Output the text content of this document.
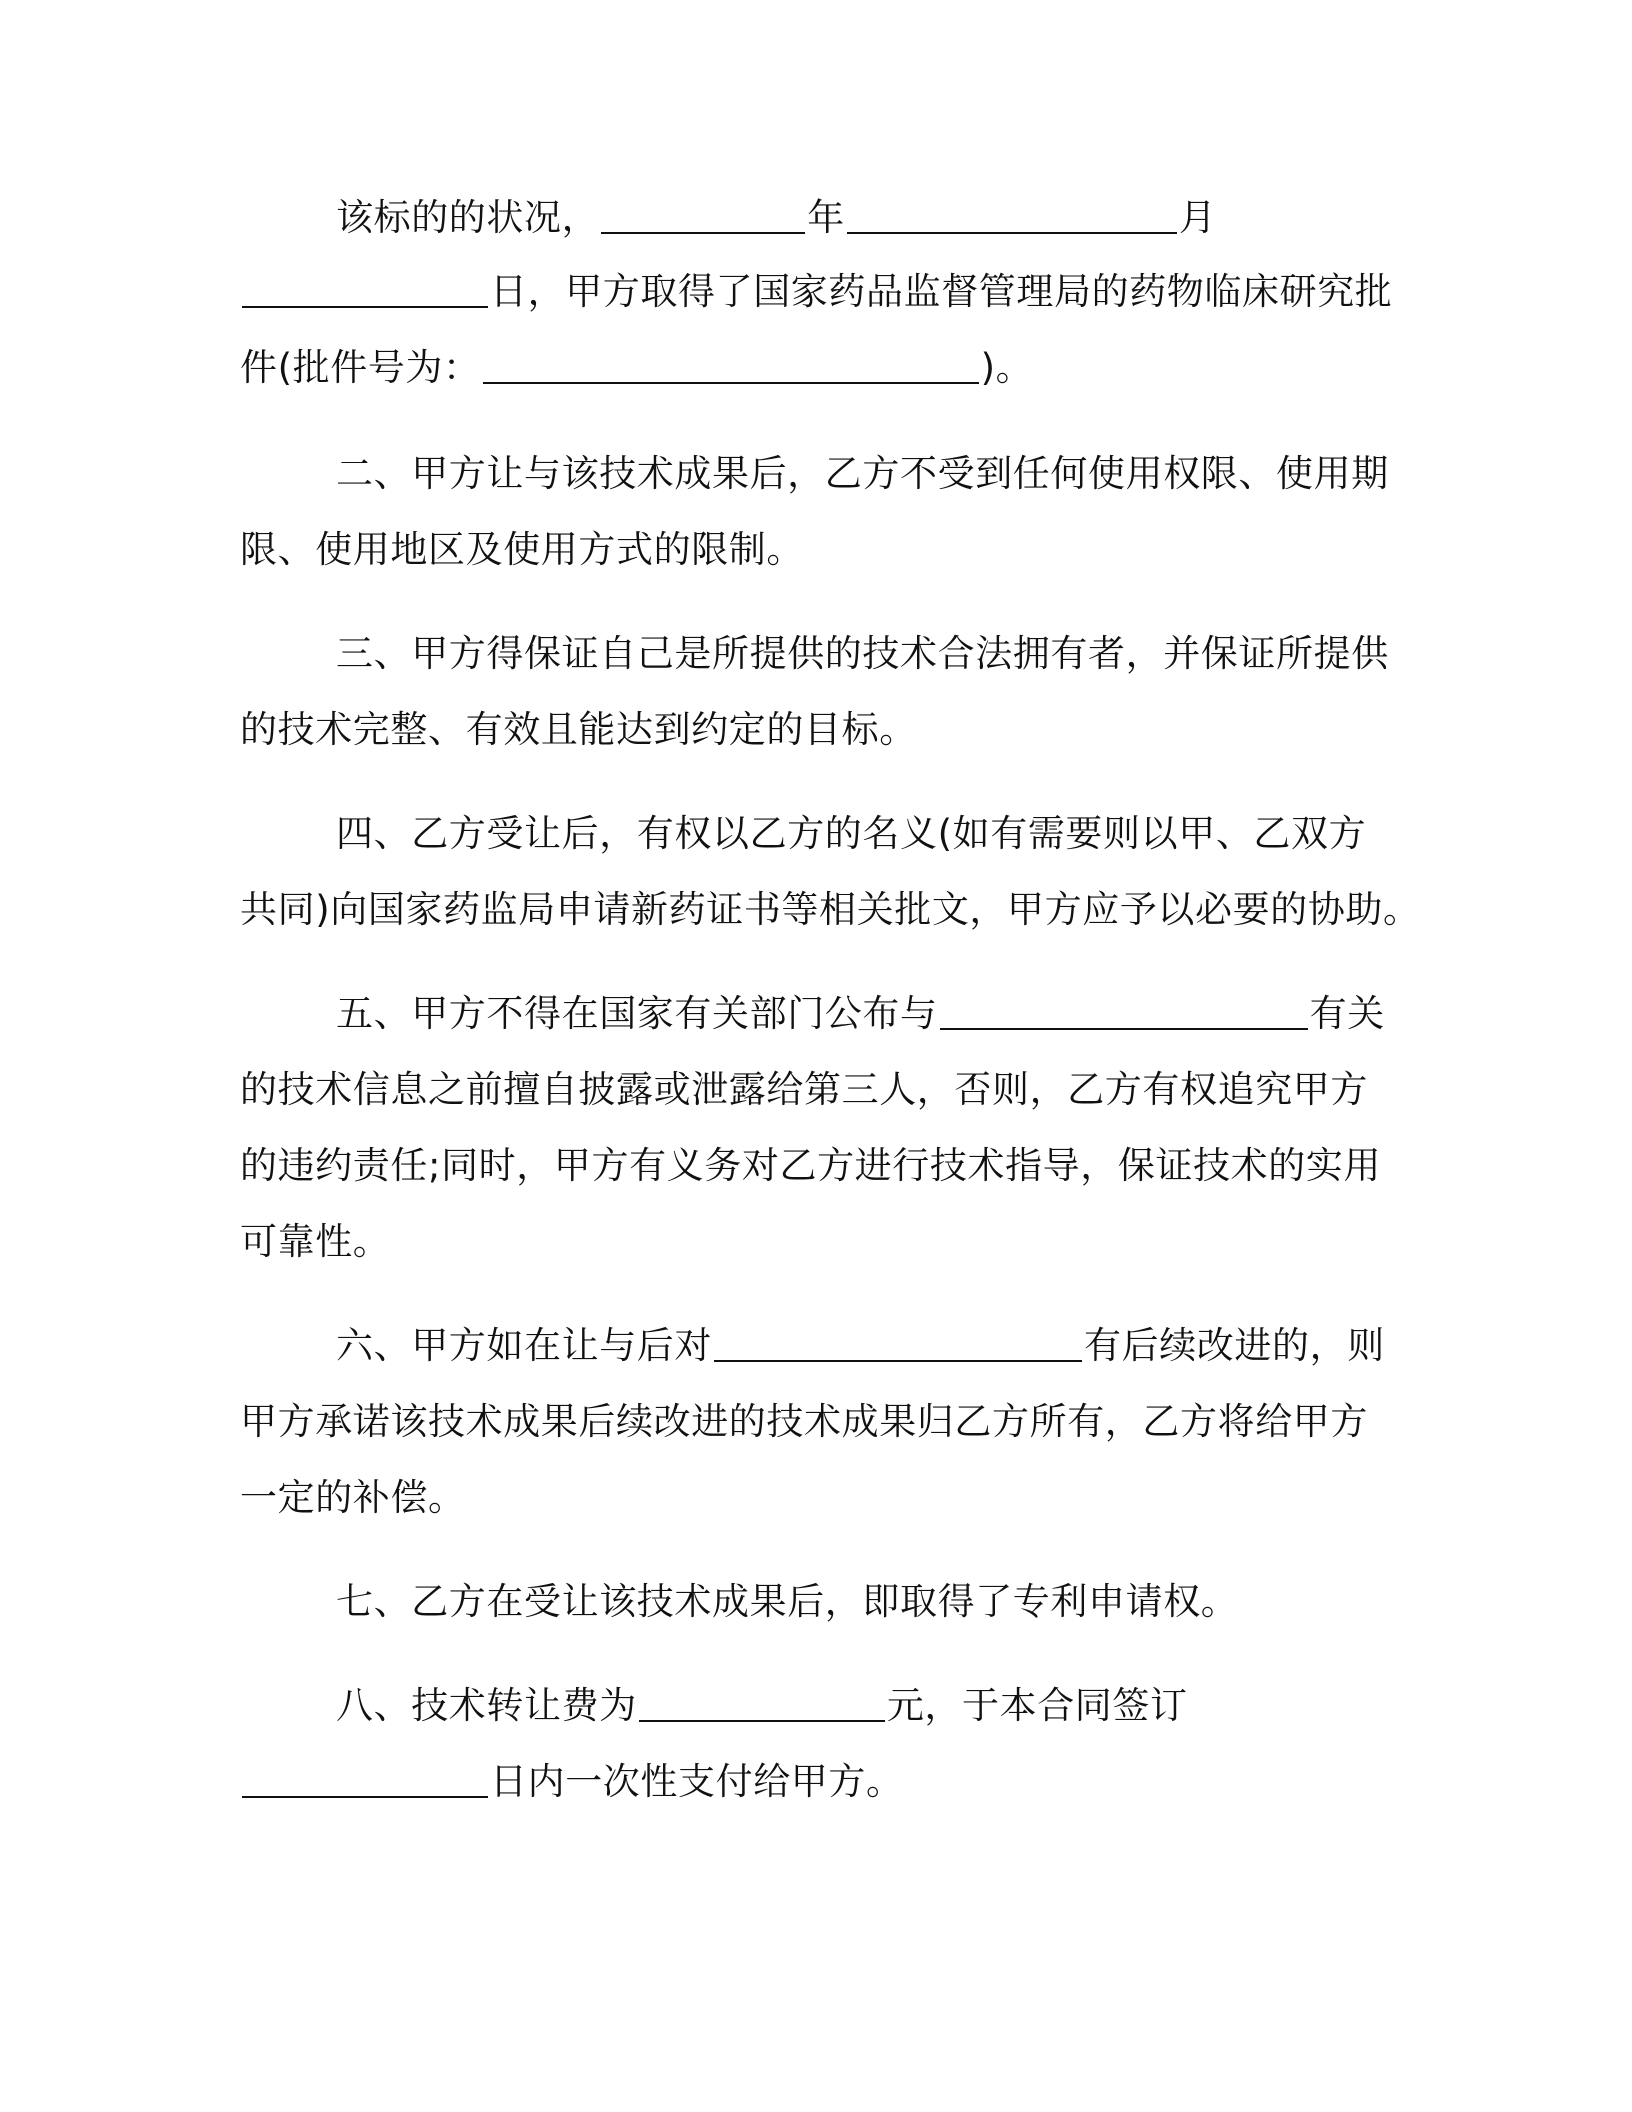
该标的的状况，	年	月
日，甲方取得了国家药品监督管理局的药物临床研究批
件(批件号为：	)。
二、甲方让与该技术成果后，乙方不受到任何使用权限、使用期
限、使用地区及使用方式的限制。
三、甲方得保证自己是所提供的技术合法拥有者，并保证所提供
的技术完整、有效且能达到约定的目标。
四、乙方受让后，有权以乙方的名义(如有需要则以甲、乙双方
共同)向国家药监局申请新药证书等相关批文，甲方应予以必要的协助。
五、甲方不得在国家有关部门公布与	有关
的技术信息之前擅自披露或泄露给第三人，否则，乙方有权追究甲方
的违约责任;同时，甲方有义务对乙方进行技术指导，保证技术的实用
可靠性。
六、甲方如在让与后对	有后续改进的，则
甲方承诺该技术成果后续改进的技术成果归乙方所有，乙方将给甲方
一定的补偿。
七、乙方在受让该技术成果后，即取得了专利申请权。
八、技术转让费为	元，于本合同签订
日内一次性支付给甲方。
